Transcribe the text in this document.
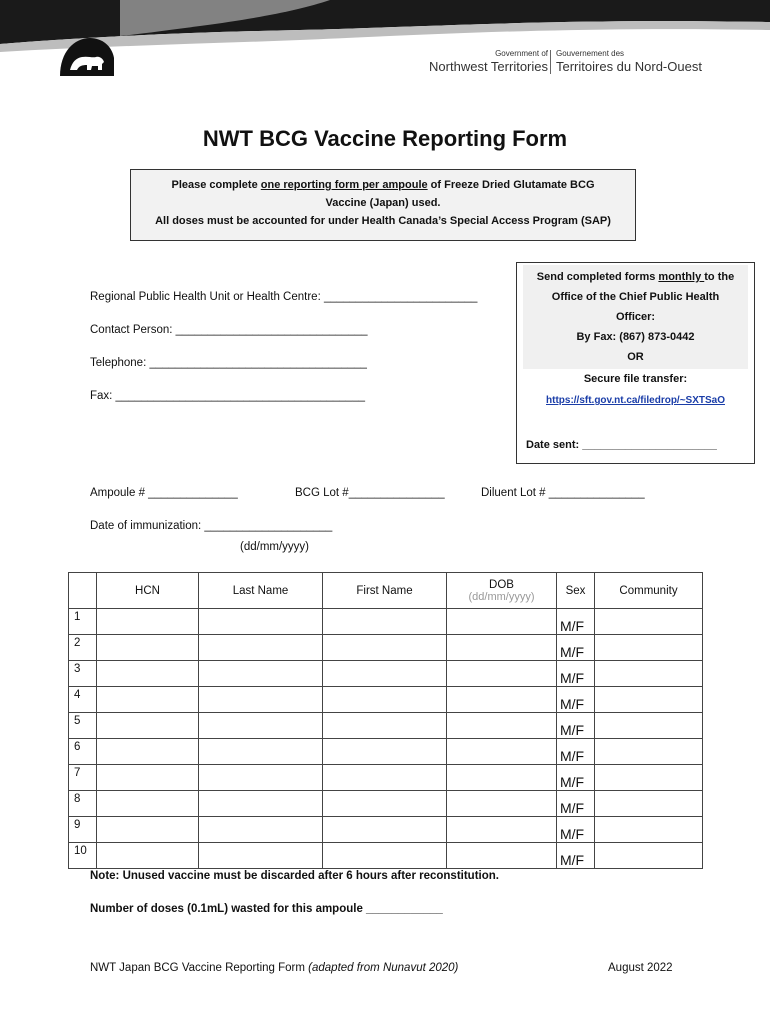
Government of
Northwest Territories
Gouvernement des
Territoires du Nord-Ouest
NWT BCG Vaccine Reporting Form
Please complete one reporting form per ampoule of Freeze Dried Glutamate BCG
Vaccine (Japan) used.
All doses must be accounted for under Health Canada’s Special Access Program (SAP)
Regional Public Health Unit or Health Centre: ________________________
Contact Person: ______________________________
Telephone: __________________________________
Fax: _______________________________________
Send completed forms monthly to the
Office of the Chief Public Health
Officer:
By Fax: (867) 873-0442
OR
Secure file transfer:
https://sft.gov.nt.ca/filedrop/~SXTSaO
Date sent: ______________________
Ampoule # ______________	BCG Lot #_______________	Diluent Lot # _______________
Date of immunization: ____________________
(dd/mm/yyyy)
	HCN	Last Name	First Name	DOB
(dd/mm/yyyy)	Sex	Community
1					M/F	
2					M/F	
3					M/F	
4					M/F	
5					M/F	
6					M/F	
7					M/F	
8					M/F	
9					M/F	
10					M/F	
Note: Unused vaccine must be discarded after 6 hours after reconstitution.
Number of doses (0.1mL) wasted for this ampoule ____________
NWT Japan BCG Vaccine Reporting Form (adapted from Nunavut 2020)	August 2022
